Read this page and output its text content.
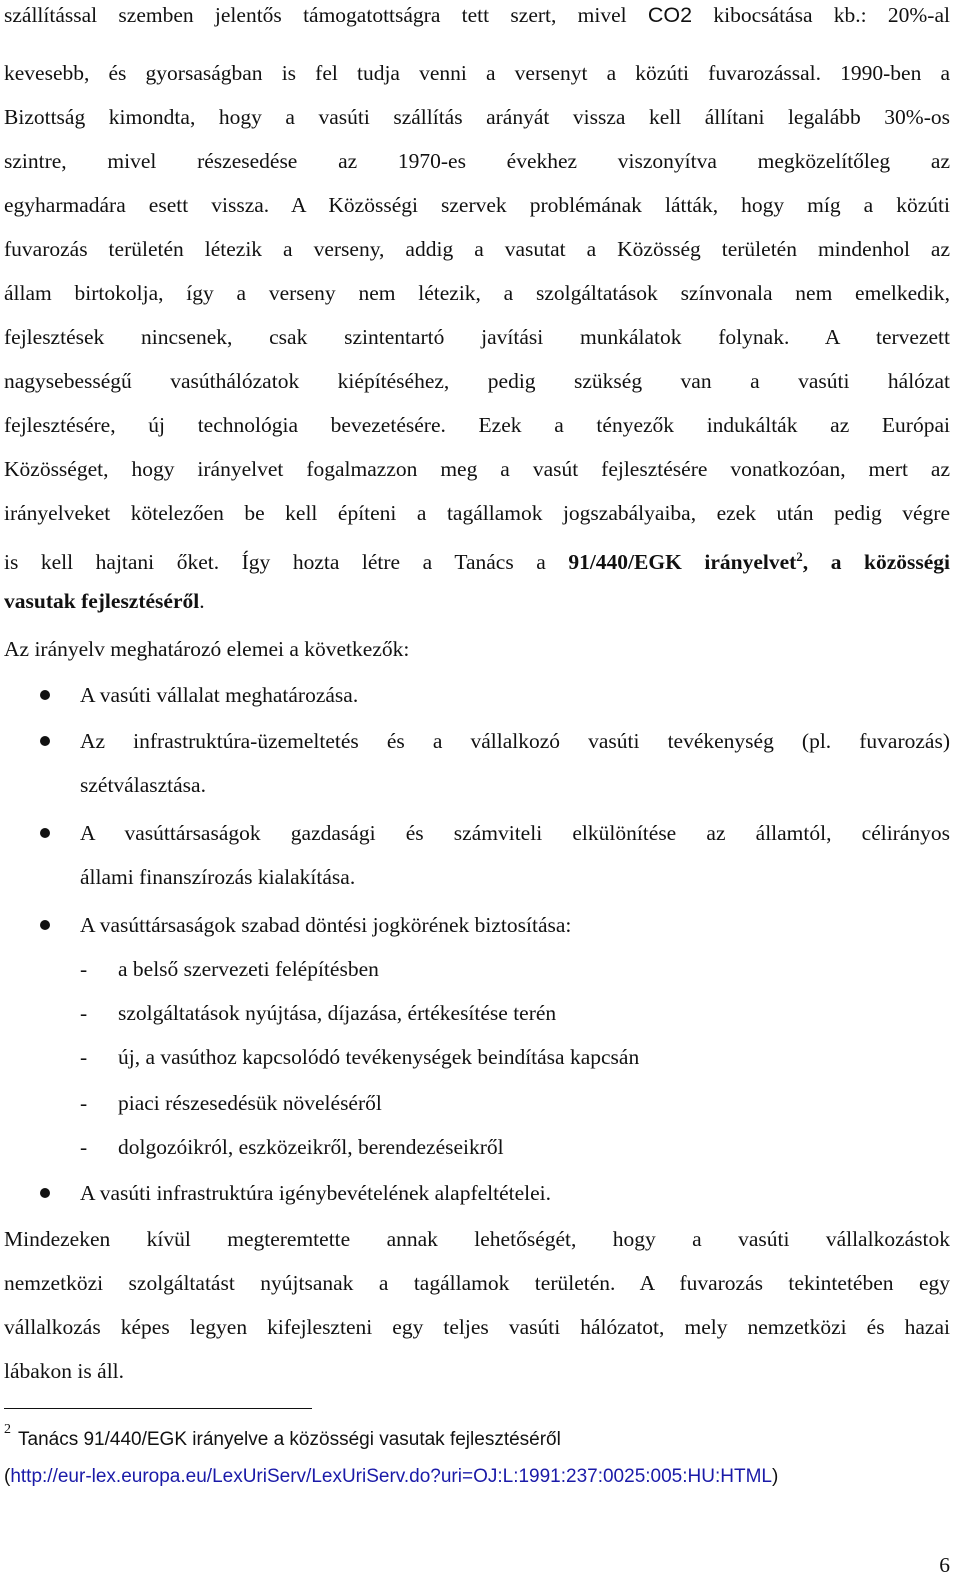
szállítással szemben jelentős támogatottságra tett szert, mivel CO2 kibocsátása kb.: 20%-al
kevesebb, és gyorsaságban is fel tudja venni a versenyt a közúti fuvarozással. 1990-ben a
Bizottság kimondta, hogy a vasúti szállítás arányát vissza kell állítani legalább 30%-os
szintre, mivel részesedése az 1970-es évekhez viszonyítva megközelítőleg az
egyharmadára esett vissza. A Közösségi szervek problémának látták, hogy míg a közúti
fuvarozás területén létezik a verseny, addig a vasutat a Közösség területén mindenhol az
állam birtokolja, így a verseny nem létezik, a szolgáltatások színvonala nem emelkedik,
fejlesztések nincsenek, csak szintentartó javítási munkálatok folynak. A tervezett
nagysebességű vasúthálózatok kiépítéséhez, pedig szükség van a vasúti hálózat
fejlesztésére, új technológia bevezetésére. Ezek a tényezők indukálták az Európai
Közösséget, hogy irányelvet fogalmazzon meg a vasút fejlesztésére vonatkozóan, mert az
irányelveket kötelezően be kell építeni a tagállamok jogszabályaiba, ezek után pedig végre
is kell hajtani őket. Így hozta létre a Tanács a 91/440/EGK irányelvet$^2$, a közösségi
vasutak fejlesztéséről.
Az irányelv meghatározó elemei a következők:
A vasúti vállalat meghatározása.
Az infrastruktúra-üzemeltetés és a vállalkozó vasúti tevékenység (pl. fuvarozás)
szétválasztása.
A vasúttársaságok gazdasági és számviteli elkülönítése az államtól, célirányos
állami finanszírozás kialakítása.
A vasúttársaságok szabad döntési jogkörének biztosítása:
- a belső szervezeti felépítésben
- szolgáltatások nyújtása, díjazása, értékesítése terén
- új, a vasúthoz kapcsolódó tevékenységek beindítása kapcsán
- piaci részesedésük növeléséről
- dolgozóikról, eszközeikről, berendezéseikről
A vasúti infrastruktúra igénybevételének alapfeltételei.
Mindezeken kívül megteremtette annak lehetőségét, hogy a vasúti vállalkozástok
nemzetközi szolgáltatást nyújtsanak a tagállamok területén. A fuvarozás tekintetében egy
vállalkozás képes legyen kifejleszteni egy teljes vasúti hálózatot, mely nemzetközi és hazai
lábakon is áll.
2 Tanács 91/440/EGK irányelve a közösségi vasutak fejlesztéséről
(http://eur-lex.europa.eu/LexUriServ/LexUriServ.do?uri=OJ:L:1991:237:0025:005:HU:HTML)
6
